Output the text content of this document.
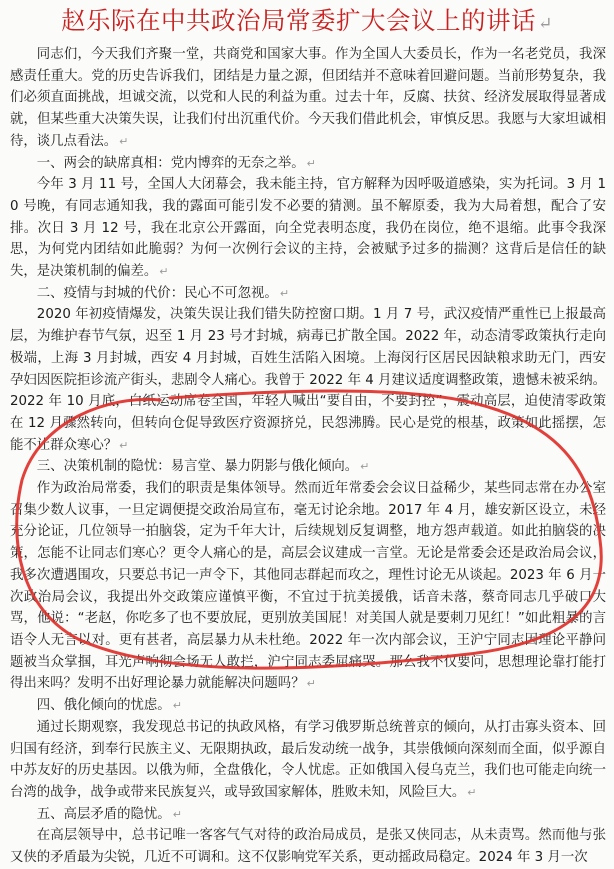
赵乐际在中共政治局常委扩大会议上的讲话 ↵

同志们，今天我们齐聚一堂，共商党和国家大事。作为全国人大委员长，作为一名老党员，我深感责任重大。党的历史告诉我们，团结是力量之源，但团结并不意味着回避问题。当前形势复杂，我们必须直面挑战，坦诚交流，以党和人民的利益为重。过去十年，反腐、扶贫、经济发展取得显著成就，但某些重大决策失误，让我们付出沉重代价。今天我们借此机会，审慎反思。我愿与大家坦诚相待，谈几点看法。 ↵

一、两会的缺席真相：党内博弈的无奈之举。 ↵

今年 3 月 11 号，全国人大闭幕会，我未能主持，官方解释为因呼吸道感染，实为托词。3 月 10 号晚，有同志通知我，我的露面可能引发不必要的猜测。虽不解原委，我为大局着想，配合了安排。次日 3 月 12 号，我在北京公开露面，向全党表明态度，我仍在岗位，绝不退缩。此事令我深思，为何党内团结如此脆弱？为何一次例行会议的主持，会被赋予过多的揣测？这背后是信任的缺失，是决策机制的偏差。 ↵

二、疫情与封城的代价：民心不可忽视。 ↵

2020 年初疫情爆发，决策失误让我们错失防控窗口期。1 月 7 号，武汉疫情严重性已上报最高层，为维护春节气氛，迟至 1 月 23 号才封城，病毒已扩散全国。2022 年，动态清零政策执行走向极端，上海 3 月封城，西安 4 月封城，百姓生活陷入困境。上海闵行区居民因缺粮求助无门，西安孕妇因医院拒诊流产街头，悲剧令人痛心。我曾于 2022 年 4 月建议适度调整政策，遗憾未被采纳。2022 年 10 月底，白纸运动席卷全国，年轻人喊出“要自由，不要封控”，震动高层，迫使清零政策在 12 月骤然转向，但转向仓促导致医疗资源挤兑，民怨沸腾。民心是党的根基，政策如此摇摆，怎能不让群众寒心？ ↵

三、决策机制的隐忧：易言堂、暴力阴影与俄化倾向。 ↵

作为政治局常委，我们的职责是集体领导。然而近年常委会会议日益稀少，某些同志常在办公室召集少数人议事，一旦定调便提交政治局宣布，毫无讨论余地。2017 年 4 月，雄安新区设立，未经充分论证，几位领导一拍脑袋，定为千年大计，后续规划反复调整，地方怨声载道。如此拍脑袋的决策，怎能不让同志们寒心？更令人痛心的是，高层会议建成一言堂。无论是常委会还是政治局会议，我多次遭遇围攻，只要总书记一声令下，其他同志群起而攻之，理性讨论无从谈起。2023 年 6 月一次政治局会议，我提出外交政策应谨慎平衡，不宜过于抗美援俄，话音未落，蔡奇同志几乎破口大骂，他说：“老赵，你吃多了也不要放屁，更别放美国屁！对美国人就是要刺刀见红！”如此粗暴的言语令人无言以对。更有甚者，高层暴力从未杜绝。2022 年一次内部会议，王沪宁同志因理论平静问题被当众掌掴，耳光声响彻会场无人敢拦，沪宁同志委屈痛哭。那么我不仅要问，思想理论靠打能打得出来吗？发明不出好理论暴力就能解决问题吗？ ↵

四、俄化倾向的忧虑。 ↵

通过长期观察，我发现总书记的执政风格，有学习俄罗斯总统普京的倾向，从打击寡头资本、回归国有经济，到奉行民族主义、无限期执政，最后发动统一战争，其崇俄倾向深刻而全面，似乎源自中苏友好的历史基因。以俄为师，全盘俄化，令人忧虑。正如俄国入侵乌克兰，我们也可能走向统一台湾的战争，战争或带来民族复兴，或导致国家解体，胜败未知，风险巨大。 ↵

五、高层矛盾的隐忧。 ↵

在高层领导中，总书记唯一客客气气对待的政治局成员，是张又侠同志，从未责骂。然而他与张又侠的矛盾最为尖锐，几近不可调和。这不仅影响党军关系，更动摇政局稳定。2024 年 3 月一次
